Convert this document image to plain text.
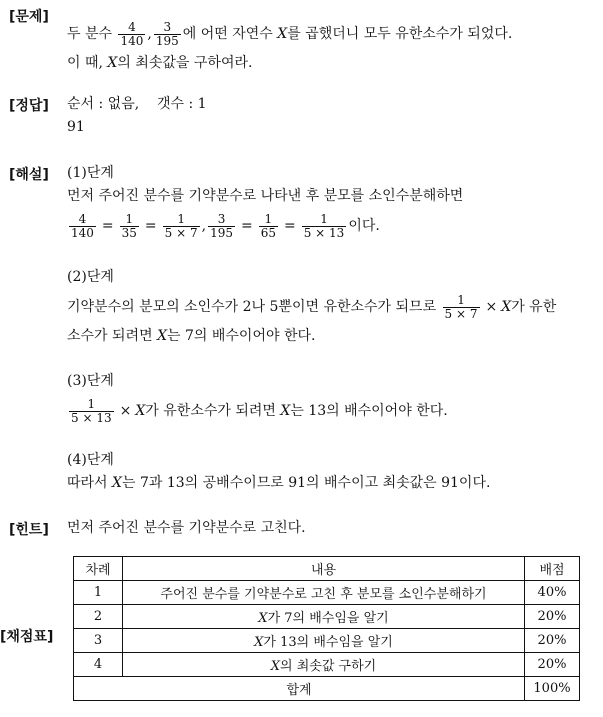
[문제]
두 분수
$\frac{4}{140}$ , $\frac{3}{195}$ 에 어떤 자연수
X 를 곱했더니 모두 유한소수가 되었다.
이 때, X의 최솟값을 구하여라.
[정답] 순서 : 없음,    갯수 : 1
91
[해설] (1)단계
먼저 주어진 분수를 기약분수로 나타낸 후 분모를 소인수분해하면
$\frac{4}{140} = \frac{1}{35} = \frac{1}{5 \times 7}$ , $\frac{3}{195} = \frac{1}{65} = \frac{1}{5 \times 13}$ 이다.
(2)단계
기약분수의 분모의 소인수가 2나 5뿐이면 유한소수가 되므로
$\frac{1}{5 \times 7} \times X$ 가 유한
소수가 되려면 X는 7의 배수이어야 한다.
(3)단계
$\frac{1}{5 \times 13} \times X$ 가 유한소수가 되려면
X 는 13의 배수이어야 한다.
(4)단계
따라서 X는 7과 13의 공배수이므로 91의 배수이고 최솟값은 91이다.
[힌트] 먼저 주어진 분수를 기약분수로 고친다.
[채점표]
차례	내용	배점
1	주어진 분수를 기약분수로 고친 후 분모를 소인수분해하기	40%
2	X가 7의 배수임을 알기	20%
3	X가 13의 배수임을 알기	20%
4	X의 최솟값 구하기	20%
합계		100%
